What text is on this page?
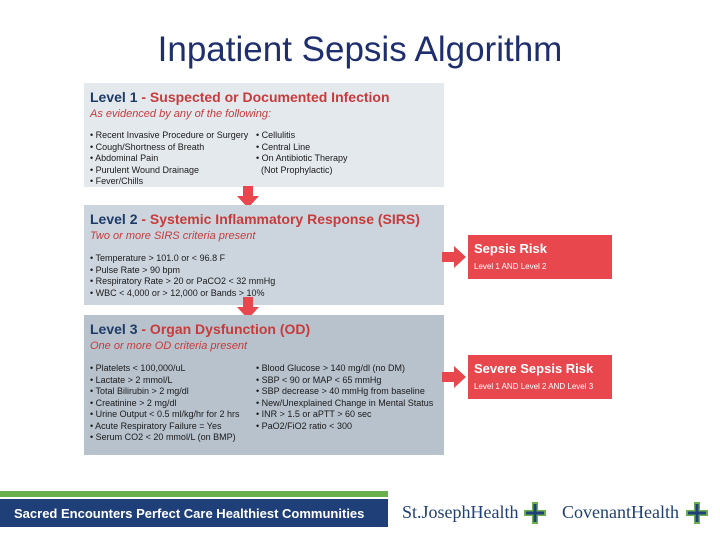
Inpatient Sepsis Algorithm
Level 1 - Suspected or Documented Infection
As evidenced by any of the following:
• Recent Invasive Procedure or Surgery
• Cough/Shortness of Breath
• Abdominal Pain
• Purulent Wound Drainage
• Fever/Chills
• Cellulitis
• Central Line
• On Antibiotic Therapy
(Not Prophylactic)
Level 2 - Systemic Inflammatory Response (SIRS)
Two or more SIRS criteria present
• Temperature > 101.0 or < 96.8 F
• Pulse Rate > 90 bpm
• Respiratory Rate > 20 or PaCO2 < 32 mmHg
• WBC < 4,000 or > 12,000 or Bands > 10%
Level 3 - Organ Dysfunction (OD)
One or more OD criteria present
• Platelets < 100,000/uL
• Lactate > 2 mmol/L
• Total Bilirubin > 2 mg/dl
• Creatinine > 2 mg/dl
• Urine Output < 0.5 ml/kg/hr for 2 hrs
• Acute Respiratory Failure = Yes
• Serum CO2 < 20 mmol/L (on BMP)
• Blood Glucose > 140 mg/dl (no DM)
• SBP < 90 or MAP < 65 mmHg
• SBP decrease > 40 mmHg from baseline
• New/Unexplained Change in Mental Status
• INR > 1.5 or aPTT > 60 sec
• PaO2/FiO2 ratio < 300
Sepsis Risk
Level 1 AND Level 2
Severe Sepsis Risk
Level 1 AND Level 2 AND Level 3
Sacred Encounters Perfect Care Healthiest Communities St.JosephHealth CovenantHealth
